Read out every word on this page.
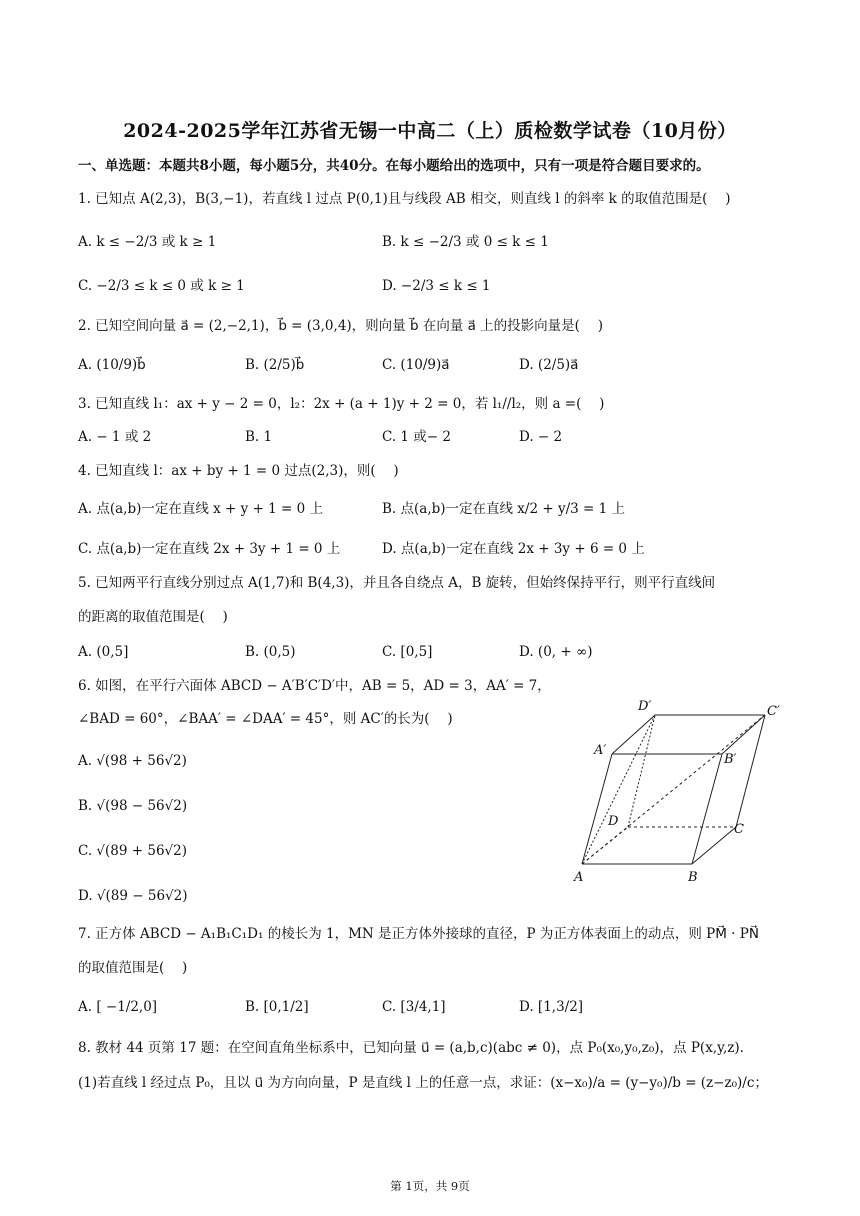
2024-2025学年江苏省无锡一中高二（上）质检数学试卷（10月份）
一、单选题：本题共8小题，每小题5分，共40分。在每小题给出的选项中，只有一项是符合题目要求的。
1. 已知点 A(2,3)，B(3,−1)，若直线 l 过点 P(0,1)且与线段 AB 相交，则直线 l 的斜率 k 的取值范围是(　 )
A. k ≤ −2/3 或 k ≥ 1	B. k ≤ −2/3 或 0 ≤ k ≤ 1
C. −2/3 ≤ k ≤ 0 或 k ≥ 1	D. −2/3 ≤ k ≤ 1
2. 已知空间向量 a⃗ = (2,−2,1)，b⃗ = (3,0,4)，则向量 b⃗ 在向量 a⃗ 上的投影向量是(　 )
A. (10/9)b⃗	B. (2/5)b⃗	C. (10/9)a⃗	D. (2/5)a⃗
3. 已知直线 l₁：ax + y − 2 = 0，l₂：2x + (a + 1)y + 2 = 0，若 l₁//l₂，则 a =(　 )
A. − 1 或 2	B. 1	C. 1 或− 2	D. − 2
4. 已知直线 l：ax + by + 1 = 0 过点(2,3)，则(　 )
A. 点(a,b)一定在直线 x + y + 1 = 0 上	B. 点(a,b)一定在直线 x/2 + y/3 = 1 上
C. 点(a,b)一定在直线 2x + 3y + 1 = 0 上	D. 点(a,b)一定在直线 2x + 3y + 6 = 0 上
5. 已知两平行直线分别过点 A(1,7)和 B(4,3)，并且各自绕点 A，B 旋转，但始终保持平行，则平行直线间
的距离的取值范围是(　 )
A. (0,5]	B. (0,5)	C. [0,5]	D. (0, + ∞)
6. 如图，在平行六面体 ABCD − A′B′C′D′中，AB = 5，AD = 3，AA′ = 7，
∠BAD = 60°，∠BAA′ = ∠DAA′ = 45°，则 AC′的长为(　 )
A. √(98 + 56√2)
B. √(98 − 56√2)
C. √(89 + 56√2)
D. √(89 − 56√2)
A	B
C
D
A′
B′
C′
D′
7. 正方体 ABCD − A₁B₁C₁D₁ 的棱长为 1，MN 是正方体外接球的直径，P 为正方体表面上的动点，则 PM⃗ · PN⃗
的取值范围是(　 )
A. [ −1/2,0]	B. [0,1/2]	C. [3/4,1]	D. [1,3/2]
8. 教材 44 页第 17 题：在空间直角坐标系中，已知向量 u⃗ = (a,b,c)(abc ≠ 0)，点 P₀(x₀,y₀,z₀)，点 P(x,y,z).
(1)若直线 l 经过点 P₀，且以 u⃗ 为方向向量，P 是直线 l 上的任意一点，求证：(x−x₀)/a = (y−y₀)/b = (z−z₀)/c；
第 1页，共 9页
